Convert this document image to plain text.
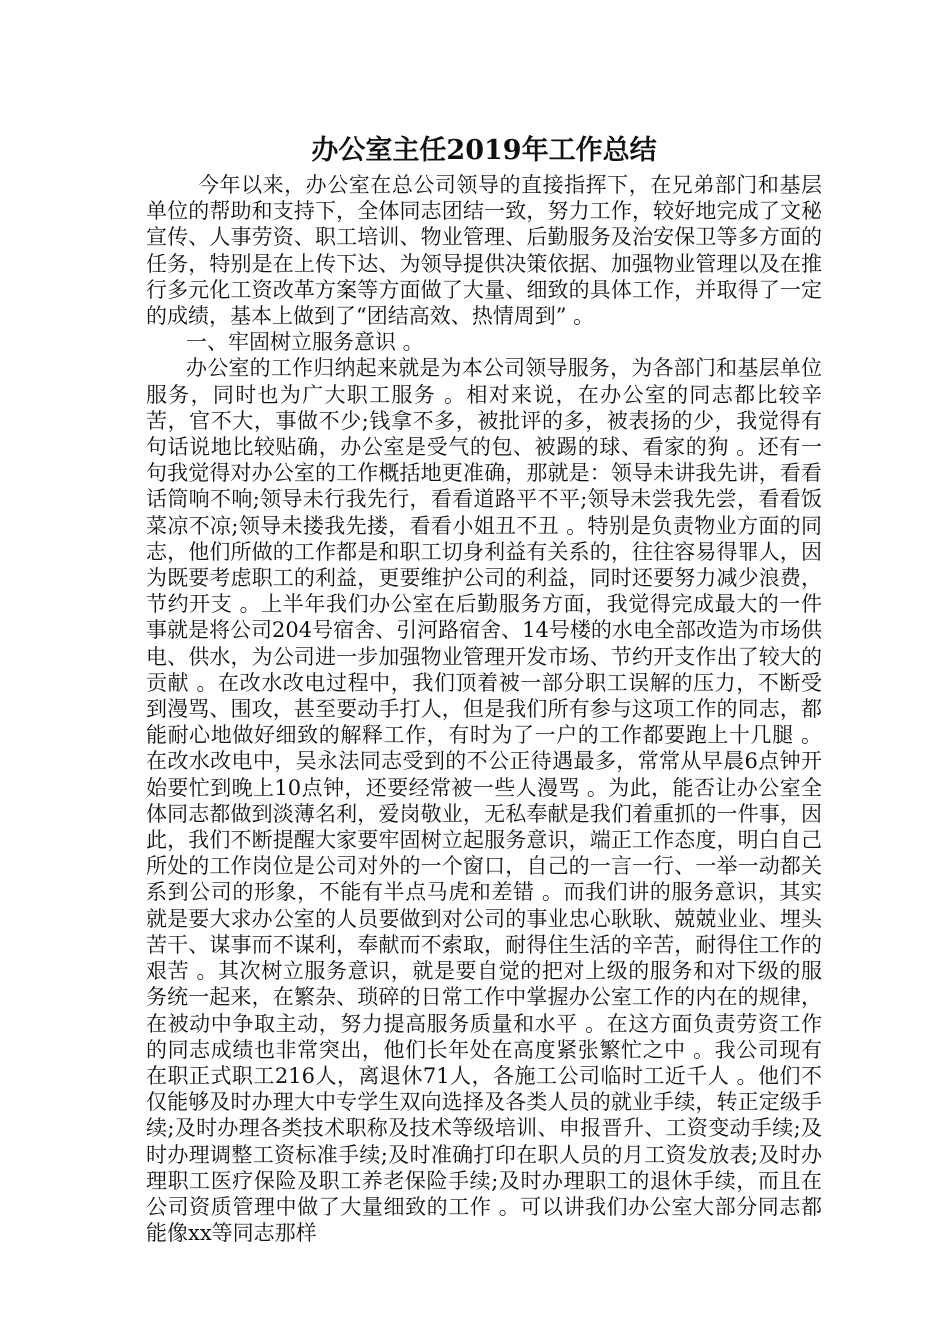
办公室主任2019年工作总结

今年以来，办公室在总公司领导的直接指挥下，在兄弟部门和基层单位的帮助和支持下，全体同志团结一致，努力工作，较好地完成了文秘宣传、人事劳资、职工培训、物业管理、后勤服务及治安保卫等多方面的任务，特别是在上传下达、为领导提供决策依据、加强物业管理以及在推行多元化工资改革方案等方面做了大量、细致的具体工作，并取得了一定的成绩，基本上做到了“团结高效、热情周到” 。

一、牢固树立服务意识 。

办公室的工作归纳起来就是为本公司领导服务，为各部门和基层单位服务，同时也为广大职工服务 。相对来说，在办公室的同志都比较辛苦，官不大，事做不少;钱拿不多，被批评的多，被表扬的少，我觉得有句话说地比较贴确，办公室是受气的包、被踢的球、看家的狗 。还有一句我觉得对办公室的工作概括地更准确，那就是：领导未讲我先讲，看看话筒响不响;领导未行我先行，看看道路平不平;领导未尝我先尝，看看饭菜凉不凉;领导未搂我先搂，看看小姐丑不丑 。特别是负责物业方面的同志，他们所做的工作都是和职工切身利益有关系的，往往容易得罪人，因为既要考虑职工的利益，更要维护公司的利益，同时还要努力减少浪费，节约开支 。上半年我们办公室在后勤服务方面，我觉得完成最大的一件事就是将公司204号宿舍、引河路宿舍、14号楼的水电全部改造为市场供电、供水，为公司进一步加强物业管理开发市场、节约开支作出了较大的贡献 。在改水改电过程中，我们顶着被一部分职工误解的压力，不断受到漫骂、围攻，甚至要动手打人，但是我们所有参与这项工作的同志，都能耐心地做好细致的解释工作，有时为了一户的工作都要跑上十几腿 。在改水改电中，吴永法同志受到的不公正待遇最多，常常从早晨6点钟开始要忙到晚上10点钟，还要经常被一些人漫骂 。为此，能否让办公室全体同志都做到淡薄名利，爱岗敬业，无私奉献是我们着重抓的一件事，因此，我们不断提醒大家要牢固树立起服务意识，端正工作态度，明白自己所处的工作岗位是公司对外的一个窗口，自己的一言一行、一举一动都关系到公司的形象，不能有半点马虎和差错 。而我们讲的服务意识，其实就是要大求办公室的人员要做到对公司的事业忠心耿耿、兢兢业业、埋头苦干、谋事而不谋利，奉献而不索取，耐得住生活的辛苦，耐得住工作的艰苦 。其次树立服务意识，就是要自觉的把对上级的服务和对下级的服务统一起来，在繁杂、琐碎的日常工作中掌握办公室工作的内在的规律，在被动中争取主动，努力提高服务质量和水平 。在这方面负责劳资工作的同志成绩也非常突出，他们长年处在高度紧张繁忙之中 。我公司现有在职正式职工216人，离退休71人，各施工公司临时工近千人 。他们不仅能够及时办理大中专学生双向选择及各类人员的就业手续，转正定级手续;及时办理各类技术职称及技术等级培训、申报晋升、工资变动手续;及时办理调整工资标准手续;及时准确打印在职人员的月工资发放表;及时办理职工医疗保险及职工养老保险手续;及时办理职工的退休手续，而且在公司资质管理中做了大量细致的工作 。可以讲我们办公室大部分同志都能像xx等同志那样
